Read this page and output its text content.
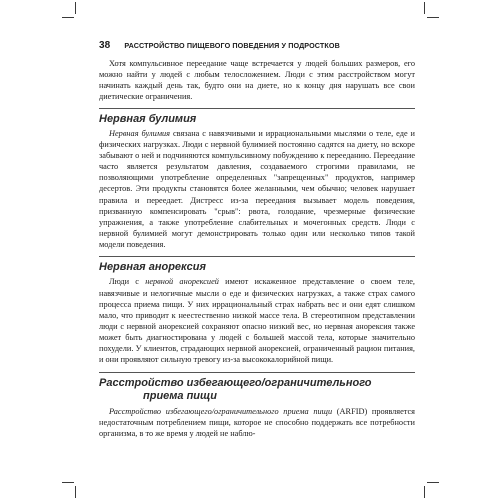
38 РАССТРОЙСТВО ПИЩЕВОГО ПОВЕДЕНИЯ У ПОДРОСТКОВ

Хотя компульсивное переедание чаще встречается у людей больших размеров, его можно найти у людей с любым телосложением. Люди с этим расстройством могут начинать каждый день так, будто они на диете, но к концу дня нарушать все свои диетические ограничения.

Нервная булимия

Нервная булимия связана с навязчивыми и иррациональными мыслями о теле, еде и физических нагрузках. Люди с нервной булимией постоянно садятся на диету, но вскоре забывают о ней и подчиняются компульсивному побуждению к перееданию. Переедание часто является результатом давления, создаваемого строгими правилами, не позволяющими употребление определенных "запрещенных" продуктов, например десертов. Эти продукты становятся более желанными, чем обычно; человек нарушает правила и переедает. Дистресс из-за переедания вызывает модель поведения, призванную компенсировать "срыв": рвота, голодание, чрезмерные физические упражнения, а также употребление слабительных и мочегонных средств. Люди с нервной булимией могут демонстрировать только один или несколько типов такой модели поведения.

Нервная анорексия

Люди с нервной анорексией имеют искаженное представление о своем теле, навязчивые и нелогичные мысли о еде и физических нагрузках, а также страх самого процесса приема пищи. У них иррациональный страх набрать вес и они едят слишком мало, что приводит к неестественно низкой массе тела. В стереотипном представлении люди с нервной анорексией сохраняют опасно низкий вес, но нервная анорексия также может быть диагностирована у людей с большей массой тела, которые значительно похудели. У клиентов, страдающих нервной анорексией, ограниченный рацион питания, и они проявляют сильную тревогу из-за высококалорийной пищи.

Расстройство избегающего/ограничительного

приема пищи

Расстройство избегающего/ограничительного приема пищи (ARFID) проявляется недостаточным потреблением пищи, которое не способно поддержать все потребности организма, в то же время у людей не наблю-
